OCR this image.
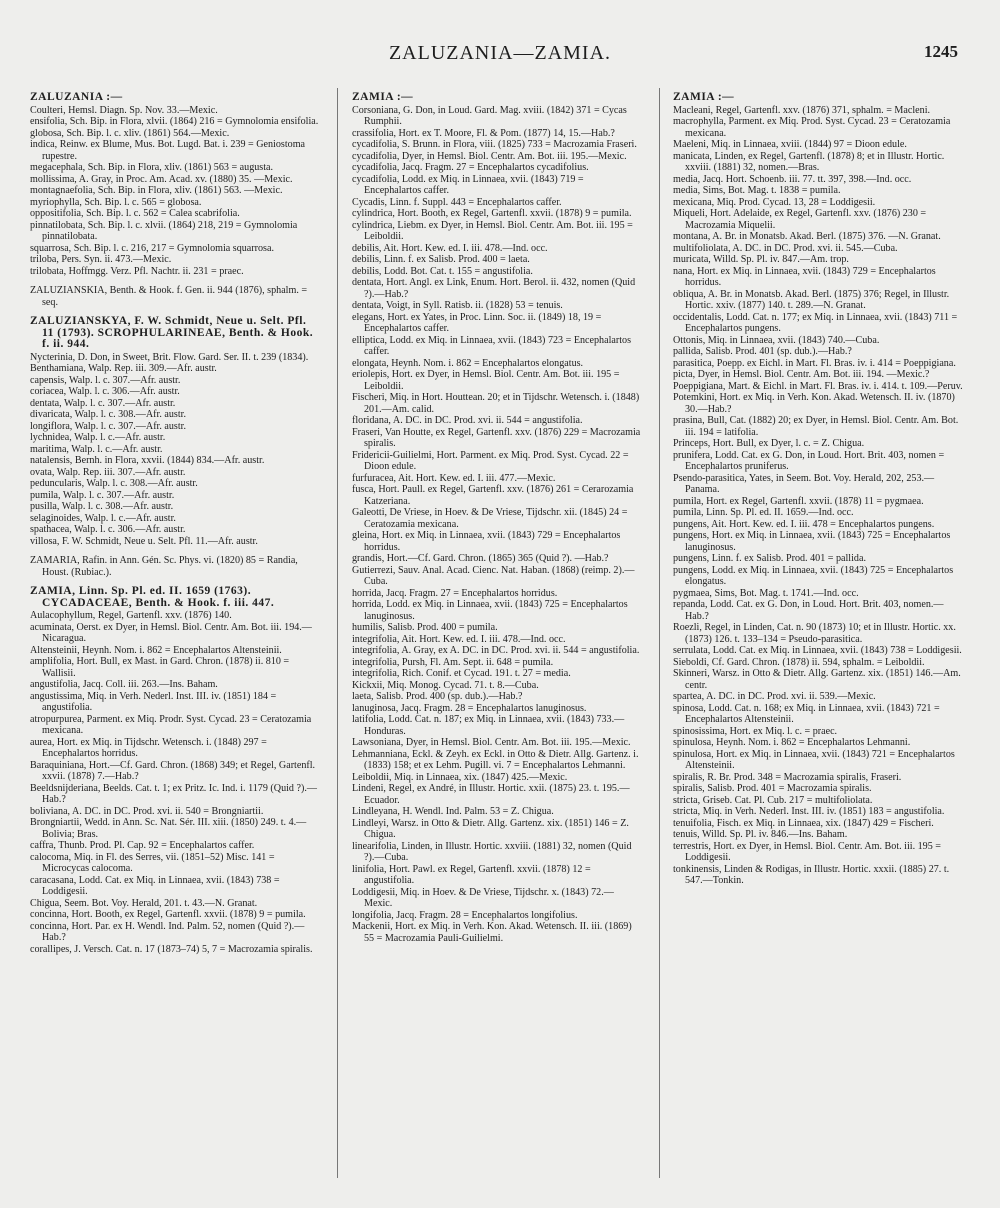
ZALUZANIA—ZAMIA.	1245
ZALUZANIA :—
Coulteri, Hemsl. Diagn. Sp. Nov. 33.—Mexic.
ensifolia, Sch. Bip. in Flora, xlvii. (1864) 216 = Gymnolomia ensifolia.
globosa, Sch. Bip. l. c. xliv. (1861) 564.—Mexic.
indica, Reinw. ex Blume, Mus. Bot. Lugd. Bat. i. 239 = Geniostoma rupestre.
megacephala, Sch. Bip. in Flora, xliv. (1861) 563 = augusta.
mollissima, A. Gray, in Proc. Am. Acad. xv. (1880) 35. —Mexic.
montagnaefolia, Sch. Bip. in Flora, xliv. (1861) 563. —Mexic.
myriophylla, Sch. Bip. l. c. 565 = globosa.
oppositifolia, Sch. Bip. l. c. 562 = Calea scabrifolia.
pinnatilobata, Sch. Bip. l. c. xlvii. (1864) 218, 219 = Gymnolomia pinnatilobata.
squarrosa, Sch. Bip. l. c. 216, 217 = Gymnolomia squarrosa.
triloba, Pers. Syn. ii. 473.—Mexic.
trilobata, Hoffmgg. Verz. Pfl. Nachtr. ii. 231 = praec.
ZALUZIANSKIA, Benth. & Hook. f. Gen. ii. 944 (1876), sphalm. = seq.
ZALUZIANSKYA, F. W. Schmidt, Neue u. Selt. Pfl. 11 (1793). SCROPHULARINEAE, Benth. & Hook. f. ii. 944.
Nycterinia, D. Don, in Sweet, Brit. Flow. Gard. Ser. II. t. 239 (1834).
Benthamiana, Walp. Rep. iii. 309.—Afr. austr.
capensis, Walp. l. c. 307.—Afr. austr.
coriacea, Walp. l. c. 306.—Afr. austr.
dentata, Walp. l. c. 307.—Afr. austr.
divaricata, Walp. l. c. 308.—Afr. austr.
longiflora, Walp. l. c. 307.—Afr. austr.
lychnidea, Walp. l. c.—Afr. austr.
maritima, Walp. l. c.—Afr. austr.
natalensis, Bernh. in Flora, xxvii. (1844) 834.—Afr. austr.
ovata, Walp. Rep. iii. 307.—Afr. austr.
peduncularis, Walp. l. c. 308.—Afr. austr.
pumila, Walp. l. c. 307.—Afr. austr.
pusilla, Walp. l. c. 308.—Afr. austr.
selaginoides, Walp. l. c.—Afr. austr.
spathacea, Walp. l. c. 306.—Afr. austr.
villosa, F. W. Schmidt, Neue u. Selt. Pfl. 11.—Afr. austr.
ZAMARIA, Rafin. in Ann. Gén. Sc. Phys. vi. (1820) 85 = Randia, Houst. (Rubiac.).
ZAMIA, Linn. Sp. Pl. ed. II. 1659 (1763). CYCADACEAE, Benth. & Hook. f. iii. 447.
Aulacophyllum, Regel, Gartenfl. xxv. (1876) 140.
acuminata, Oerst. ex Dyer, in Hemsl. Biol. Centr. Am. Bot. iii. 194.—Nicaragua.
Altensteinii, Heynh. Nom. i. 862 = Encephalartos Altensteinii.
amplifolia, Hort. Bull, ex Mast. in Gard. Chron. (1878) ii. 810 = Wallisii.
angustifolia, Jacq. Coll. iii. 263.—Ins. Baham.
angustissima, Miq. in Verh. Nederl. Inst. III. iv. (1851) 184 = angustifolia.
atropurpurea, Parment. ex Miq. Prodr. Syst. Cycad. 23 = Ceratozamia mexicana.
aurea, Hort. ex Miq. in Tijdschr. Wetensch. i. (1848) 297 = Encephalartos horridus.
Baraquiniana, Hort.—Cf. Gard. Chron. (1868) 349; et Regel, Gartenfl. xxvii. (1878) 7.—Hab.?
Beeldsnijderiana, Beelds. Cat. t. 1; ex Pritz. Ic. Ind. i. 1179 (Quid ?).—Hab.?
boliviana, A. DC. in DC. Prod. xvi. ii. 540 = Brongniartii.
Brongniartii, Wedd. in Ann. Sc. Nat. Sér. III. xiii. (1850) 249. t. 4.—Bolivia; Bras.
caffra, Thunb. Prod. Pl. Cap. 92 = Encephalartos caffer.
calocoma, Miq. in Fl. des Serres, vii. (1851–52) Misc. 141 = Microcycas calocoma.
caracasana, Lodd. Cat. ex Miq. in Linnaea, xvii. (1843) 738 = Loddigesii.
Chigua, Seem. Bot. Voy. Herald, 201. t. 43.—N. Granat.
concinna, Hort. Booth, ex Regel, Gartenfl. xxvii. (1878) 9 = pumila.
concinna, Hort. Par. ex H. Wendl. Ind. Palm. 52, nomen (Quid ?).—Hab.?
corallipes, J. Versch. Cat. n. 17 (1873–74) 5, 7 = Macrozamia spiralis.
ZAMIA :—
Corsoniana, G. Don, in Loud. Gard. Mag. xviii. (1842) 371 = Cycas Rumphii.
crassifolia, Hort. ex T. Moore, Fl. & Pom. (1877) 14, 15.—Hab.?
cycadifolia, S. Brunn. in Flora, viii. (1825) 733 = Macrozamia Fraseri.
cycadifolia, Dyer, in Hemsl. Biol. Centr. Am. Bot. iii. 195.—Mexic.
cycadifolia, Jacq. Fragm. 27 = Encephalartos cycadifolius.
cycadifolia, Lodd. ex Miq. in Linnaea, xvii. (1843) 719 = Encephalartos caffer.
Cycadis, Linn. f. Suppl. 443 = Encephalartos caffer.
cylindrica, Hort. Booth, ex Regel, Gartenfl. xxvii. (1878) 9 = pumila.
cylindrica, Liebm. ex Dyer, in Hemsl. Biol. Centr. Am. Bot. iii. 195 = Leiboldii.
debilis, Ait. Hort. Kew. ed. I. iii. 478.—Ind. occ.
debilis, Linn. f. ex Salisb. Prod. 400 = laeta.
debilis, Lodd. Bot. Cat. t. 155 = angustifolia.
dentata, Hort. Angl. ex Link, Enum. Hort. Berol. ii. 432, nomen (Quid ?).—Hab.?
dentata, Voigt, in Syll. Ratisb. ii. (1828) 53 = tenuis.
elegans, Hort. ex Yates, in Proc. Linn. Soc. ii. (1849) 18, 19 = Encephalartos caffer.
elliptica, Lodd. ex Miq. in Linnaea, xvii. (1843) 723 = Encephalartos caffer.
elongata, Heynh. Nom. i. 862 = Encephalartos elongatus.
eriolepis, Hort. ex Dyer, in Hemsl. Biol. Centr. Am. Bot. iii. 195 = Leiboldii.
Fischeri, Miq. in Hort. Houttean. 20; et in Tijdschr. Wetensch. i. (1848) 201.—Am. calid.
floridana, A. DC. in DC. Prod. xvi. ii. 544 = angustifolia.
Fraseri, Van Houtte, ex Regel, Gartenfl. xxv. (1876) 229 = Macrozamia spiralis.
Fridericii-Guilielmi, Hort. Parment. ex Miq. Prod. Syst. Cycad. 22 = Dioon edule.
furfuracea, Ait. Hort. Kew. ed. I. iii. 477.—Mexic.
fusca, Hort. Paull. ex Regel, Gartenfl. xxv. (1876) 261 = Cerarozamia Katzeriana.
Galeotti, De Vriese, in Hoev. & De Vriese, Tijdschr. xii. (1845) 24 = Ceratozamia mexicana.
gleina, Hort. ex Miq. in Linnaea, xvii. (1843) 729 = Encephalartos horridus.
grandis, Hort.—Cf. Gard. Chron. (1865) 365 (Quid ?). —Hab.?
Gutierrezi, Sauv. Anal. Acad. Cienc. Nat. Haban. (1868) (reimp. 2).—Cuba.
horrida, Jacq. Fragm. 27 = Encephalartos horridus.
horrida, Lodd. ex Miq. in Linnaea, xvii. (1843) 725 = Encephalartos lanuginosus.
humilis, Salisb. Prod. 400 = pumila.
integrifolia, Ait. Hort. Kew. ed. I. iii. 478.—Ind. occ.
integrifolia, A. Gray, ex A. DC. in DC. Prod. xvi. ii. 544 = angustifolia.
integrifolia, Pursh, Fl. Am. Sept. ii. 648 = pumila.
integrifolia, Rich. Conif. et Cycad. 191. t. 27 = media.
Kickxii, Miq. Monog. Cycad. 71. t. 8.—Cuba.
laeta, Salisb. Prod. 400 (sp. dub.).—Hab.?
lanuginosa, Jacq. Fragm. 28 = Encephalartos lanuginosus.
latifolia, Lodd. Cat. n. 187; ex Miq. in Linnaea, xvii. (1843) 733.—Honduras.
Lawsoniana, Dyer, in Hemsl. Biol. Centr. Am. Bot. iii. 195.—Mexic.
Lehmanniana, Eckl. & Zeyh. ex Eckl. in Otto & Dietr. Allg. Gartenz. i. (1833) 158; et ex Lehm. Pugill. vi. 7 = Encephalartos Lehmanni.
Leiboldii, Miq. in Linnaea, xix. (1847) 425.—Mexic.
Lindeni, Regel, ex André, in Illustr. Hortic. xxii. (1875) 23. t. 195.—Ecuador.
Lindleyana, H. Wendl. Ind. Palm. 53 = Z. Chigua.
Lindleyi, Warsz. in Otto & Dietr. Allg. Gartenz. xix. (1851) 146 = Z. Chigua.
linearifolia, Linden, in Illustr. Hortic. xxviii. (1881) 32, nomen (Quid ?).—Cuba.
linifolia, Hort. Pawl. ex Regel, Gartenfl. xxvii. (1878) 12 = angustifolia.
Loddigesii, Miq. in Hoev. & De Vriese, Tijdschr. x. (1843) 72.—Mexic.
longifolia, Jacq. Fragm. 28 = Encephalartos longifolius.
Mackenii, Hort. ex Miq. in Verh. Kon. Akad. Wetensch. II. iii. (1869) 55 = Macrozamia Pauli-Guilielmi.
ZAMIA :—
Macleani, Regel, Gartenfl. xxv. (1876) 371, sphalm. = Macleni.
macrophylla, Parment. ex Miq. Prod. Syst. Cycad. 23 = Ceratozamia mexicana.
Maeleni, Miq. in Linnaea, xviii. (1844) 97 = Dioon edule.
manicata, Linden, ex Regel, Gartenfl. (1878) 8; et in Illustr. Hortic. xxviii. (1881) 32, nomen.—Bras.
media, Jacq. Hort. Schoenb. iii. 77. tt. 397, 398.—Ind. occ.
media, Sims, Bot. Mag. t. 1838 = pumila.
mexicana, Miq. Prod. Cycad. 13, 28 = Loddigesii.
Miqueli, Hort. Adelaide, ex Regel, Gartenfl. xxv. (1876) 230 = Macrozamia Miquelii.
montana, A. Br. in Monatsb. Akad. Berl. (1875) 376. —N. Granat.
multifoliolata, A. DC. in DC. Prod. xvi. ii. 545.—Cuba.
muricata, Willd. Sp. Pl. iv. 847.—Am. trop.
nana, Hort. ex Miq. in Linnaea, xvii. (1843) 729 = Encephalartos horridus.
obliqua, A. Br. in Monatsb. Akad. Berl. (1875) 376; Regel, in Illustr. Hortic. xxiv. (1877) 140. t. 289.—N. Granat.
occidentalis, Lodd. Cat. n. 177; ex Miq. in Linnaea, xvii. (1843) 711 = Encephalartos pungens.
Ottonis, Miq. in Linnaea, xvii. (1843) 740.—Cuba.
pallida, Salisb. Prod. 401 (sp. dub.).—Hab.?
parasitica, Poepp. ex Eichl. in Mart. Fl. Bras. iv. i. 414 = Poeppigiana.
picta, Dyer, in Hemsl. Biol. Centr. Am. Bot. iii. 194. —Mexic.?
Poeppigiana, Mart. & Eichl. in Mart. Fl. Bras. iv. i. 414. t. 109.—Peruv.
Potemkini, Hort. ex Miq. in Verh. Kon. Akad. Wetensch. II. iv. (1870) 30.—Hab.?
prasina, Bull, Cat. (1882) 20; ex Dyer, in Hemsl. Biol. Centr. Am. Bot. iii. 194 = latifolia.
Princeps, Hort. Bull, ex Dyer, l. c. = Z. Chigua.
prunifera, Lodd. Cat. ex G. Don, in Loud. Hort. Brit. 403, nomen = Encephalartos pruniferus.
Psendo-parasitica, Yates, in Seem. Bot. Voy. Herald, 202, 253.—Panama.
pumila, Hort. ex Regel, Gartenfl. xxvii. (1878) 11 = pygmaea.
pumila, Linn. Sp. Pl. ed. II. 1659.—Ind. occ.
pungens, Ait. Hort. Kew. ed. I. iii. 478 = Encephalartos pungens.
pungens, Hort. ex Miq. in Linnaea, xvii. (1843) 725 = Encephalartos lanuginosus.
pungens, Linn. f. ex Salisb. Prod. 401 = pallida.
pungens, Lodd. ex Miq. in Linnaea, xvii. (1843) 725 = Encephalartos elongatus.
pygmaea, Sims, Bot. Mag. t. 1741.—Ind. occ.
repanda, Lodd. Cat. ex G. Don, in Loud. Hort. Brit. 403, nomen.—Hab.?
Roezli, Regel, in Linden, Cat. n. 90 (1873) 10; et in Illustr. Hortic. xx. (1873) 126. t. 133–134 = Pseudo-parasitica.
serrulata, Lodd. Cat. ex Miq. in Linnaea, xvii. (1843) 738 = Loddigesii.
Sieboldi, Cf. Gard. Chron. (1878) ii. 594, sphalm. = Leiboldii.
Skinneri, Warsz. in Otto & Dietr. Allg. Gartenz. xix. (1851) 146.—Am. centr.
spartea, A. DC. in DC. Prod. xvi. ii. 539.—Mexic.
spinosa, Lodd. Cat. n. 168; ex Miq. in Linnaea, xvii. (1843) 721 = Encephalartos Altensteinii.
spinosissima, Hort. ex Miq. l. c. = praec.
spinulosa, Heynh. Nom. i. 862 = Encephalartos Lehmanni.
spinulosa, Hort. ex Miq. in Linnaea, xvii. (1843) 721 = Encephalartos Altensteinii.
spiralis, R. Br. Prod. 348 = Macrozamia spiralis, Fraseri.
spiralis, Salisb. Prod. 401 = Macrozamia spiralis.
stricta, Griseb. Cat. Pl. Cub. 217 = multifoliolata.
stricta, Miq. in Verh. Nederl. Inst. III. iv. (1851) 183 = angustifolia.
tenuifolia, Fisch. ex Miq. in Linnaea, xix. (1847) 429 = Fischeri.
tenuis, Willd. Sp. Pl. iv. 846.—Ins. Baham.
terrestris, Hort. ex Dyer, in Hemsl. Biol. Centr. Am. Bot. iii. 195 = Loddigesii.
tonkinensis, Linden & Rodigas, in Illustr. Hortic. xxxii. (1885) 27. t. 547.—Tonkin.
